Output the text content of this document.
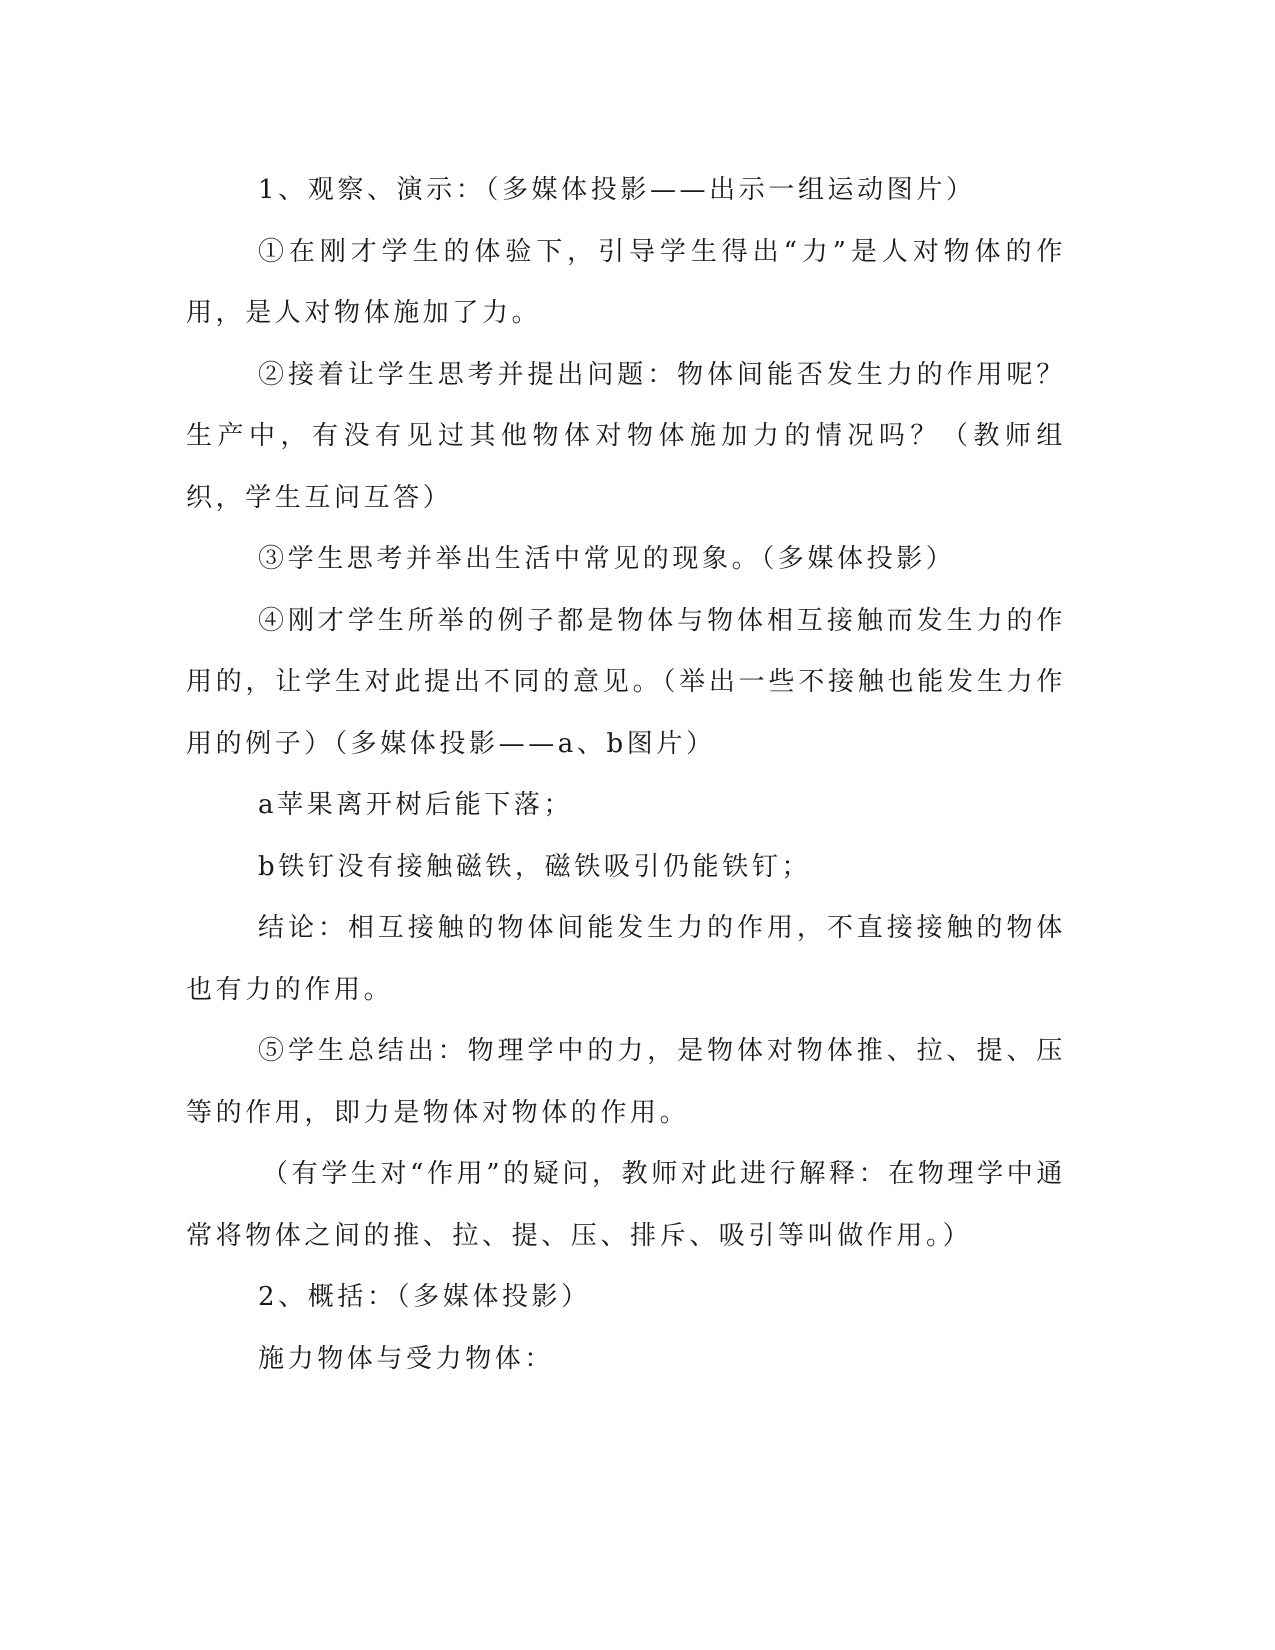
1、观察、演示：（多媒体投影——出示一组运动图片）

①在刚才学生的体验下，引导学生得出“力”是人对物体的作用，是人对物体施加了力。

②接着让学生思考并提出问题：物体间能否发生力的作用呢？生产中，有没有见过其他物体对物体施加力的情况吗？（教师组织，学生互问互答）

③学生思考并举出生活中常见的现象。（多媒体投影）

④刚才学生所举的例子都是物体与物体相互接触而发生力的作用的，让学生对此提出不同的意见。（举出一些不接触也能发生力作用的例子）（多媒体投影——a、b图片）

a苹果离开树后能下落；

b铁钉没有接触磁铁，磁铁吸引仍能铁钉；

结论：相互接触的物体间能发生力的作用，不直接接触的物体也有力的作用。

⑤学生总结出：物理学中的力，是物体对物体推、拉、提、压等的作用，即力是物体对物体的作用。

（有学生对“作用”的疑问，教师对此进行解释：在物理学中通常将物体之间的推、拉、提、压、排斥、吸引等叫做作用。）

2、概括：（多媒体投影）

施力物体与受力物体：
